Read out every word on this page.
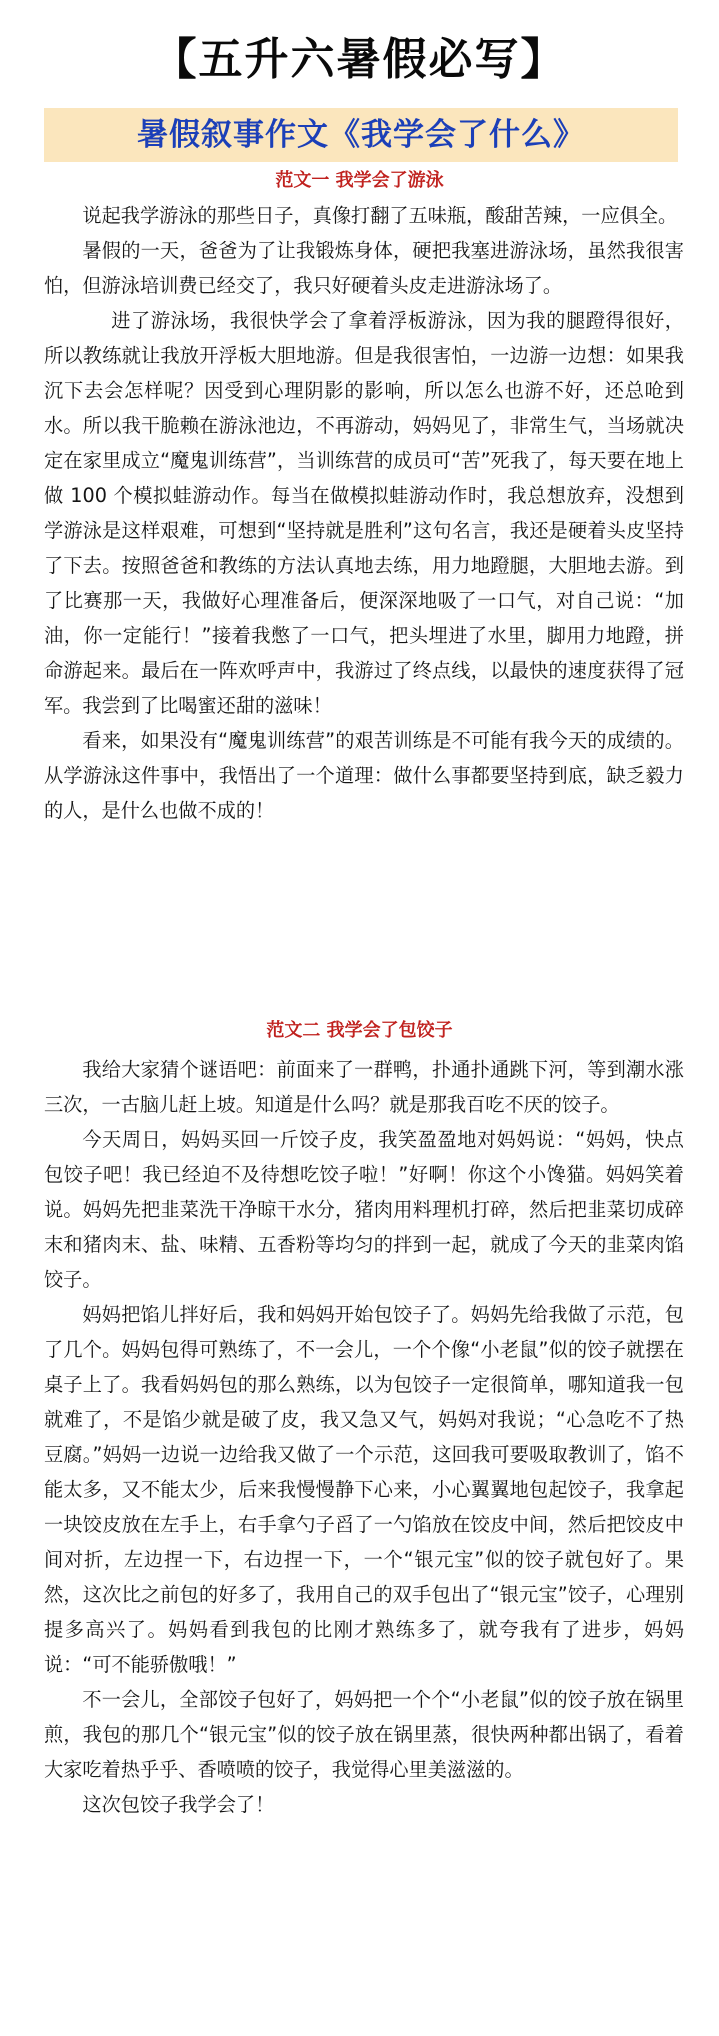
【五升六暑假必写】
暑假叙事作文《我学会了什么》
范文一 我学会了游泳

说起我学游泳的那些日子，真像打翻了五味瓶，酸甜苦辣，一应俱全。

暑假的一天，爸爸为了让我锻炼身体，硬把我塞进游泳场，虽然我很害怕，但游泳培训费已经交了，我只好硬着头皮走进游泳场了。

进了游泳场，我很快学会了拿着浮板游泳，因为我的腿蹬得很好，所以教练就让我放开浮板大胆地游。但是我很害怕，一边游一边想：如果我沉下去会怎样呢？因受到心理阴影的影响，所以怎么也游不好，还总呛到水。所以我干脆赖在游泳池边，不再游动，妈妈见了，非常生气，当场就决定在家里成立“魔鬼训练营”，当训练营的成员可“苦”死我了，每天要在地上做 100 个模拟蛙游动作。每当在做模拟蛙游动作时，我总想放弃，没想到学游泳是这样艰难，可想到“坚持就是胜利”这句名言，我还是硬着头皮坚持了下去。按照爸爸和教练的方法认真地去练，用力地蹬腿，大胆地去游。到了比赛那一天，我做好心理准备后，便深深地吸了一口气，对自己说：“加油，你一定能行！”接着我憋了一口气，把头埋进了水里，脚用力地蹬，拼命游起来。最后在一阵欢呼声中，我游过了终点线，以最快的速度获得了冠军。我尝到了比喝蜜还甜的滋味！

看来，如果没有“魔鬼训练营”的艰苦训练是不可能有我今天的成绩的。从学游泳这件事中，我悟出了一个道理：做什么事都要坚持到底，缺乏毅力的人，是什么也做不成的！

范文二 我学会了包饺子

我给大家猜个谜语吧：前面来了一群鸭，扑通扑通跳下河，等到潮水涨三次，一古脑儿赶上坡。知道是什么吗？就是那我百吃不厌的饺子。

今天周日，妈妈买回一斤饺子皮，我笑盈盈地对妈妈说：“妈妈，快点包饺子吧！我已经迫不及待想吃饺子啦！”好啊！你这个小馋猫。妈妈笑着说。妈妈先把韭菜洗干净晾干水分，猪肉用料理机打碎，然后把韭菜切成碎末和猪肉末、盐、味精、五香粉等均匀的拌到一起，就成了今天的韭菜肉馅饺子。

妈妈把馅儿拌好后，我和妈妈开始包饺子了。妈妈先给我做了示范，包了几个。妈妈包得可熟练了，不一会儿，一个个像“小老鼠”似的饺子就摆在桌子上了。我看妈妈包的那么熟练，以为包饺子一定很简单，哪知道我一包就难了，不是馅少就是破了皮，我又急又气，妈妈对我说；“心急吃不了热豆腐。”妈妈一边说一边给我又做了一个示范，这回我可要吸取教训了，馅不能太多，又不能太少，后来我慢慢静下心来，小心翼翼地包起饺子，我拿起一块饺皮放在左手上，右手拿勺子舀了一勺馅放在饺皮中间，然后把饺皮中间对折，左边捏一下，右边捏一下，一个“银元宝”似的饺子就包好了。果然，这次比之前包的好多了，我用自己的双手包出了“银元宝”饺子，心理别提多高兴了。妈妈看到我包的比刚才熟练多了，就夸我有了进步，妈妈说：“可不能骄傲哦！”

不一会儿，全部饺子包好了，妈妈把一个个“小老鼠”似的饺子放在锅里煎，我包的那几个“银元宝”似的饺子放在锅里蒸，很快两种都出锅了，看着大家吃着热乎乎、香喷喷的饺子，我觉得心里美滋滋的。

这次包饺子我学会了！
